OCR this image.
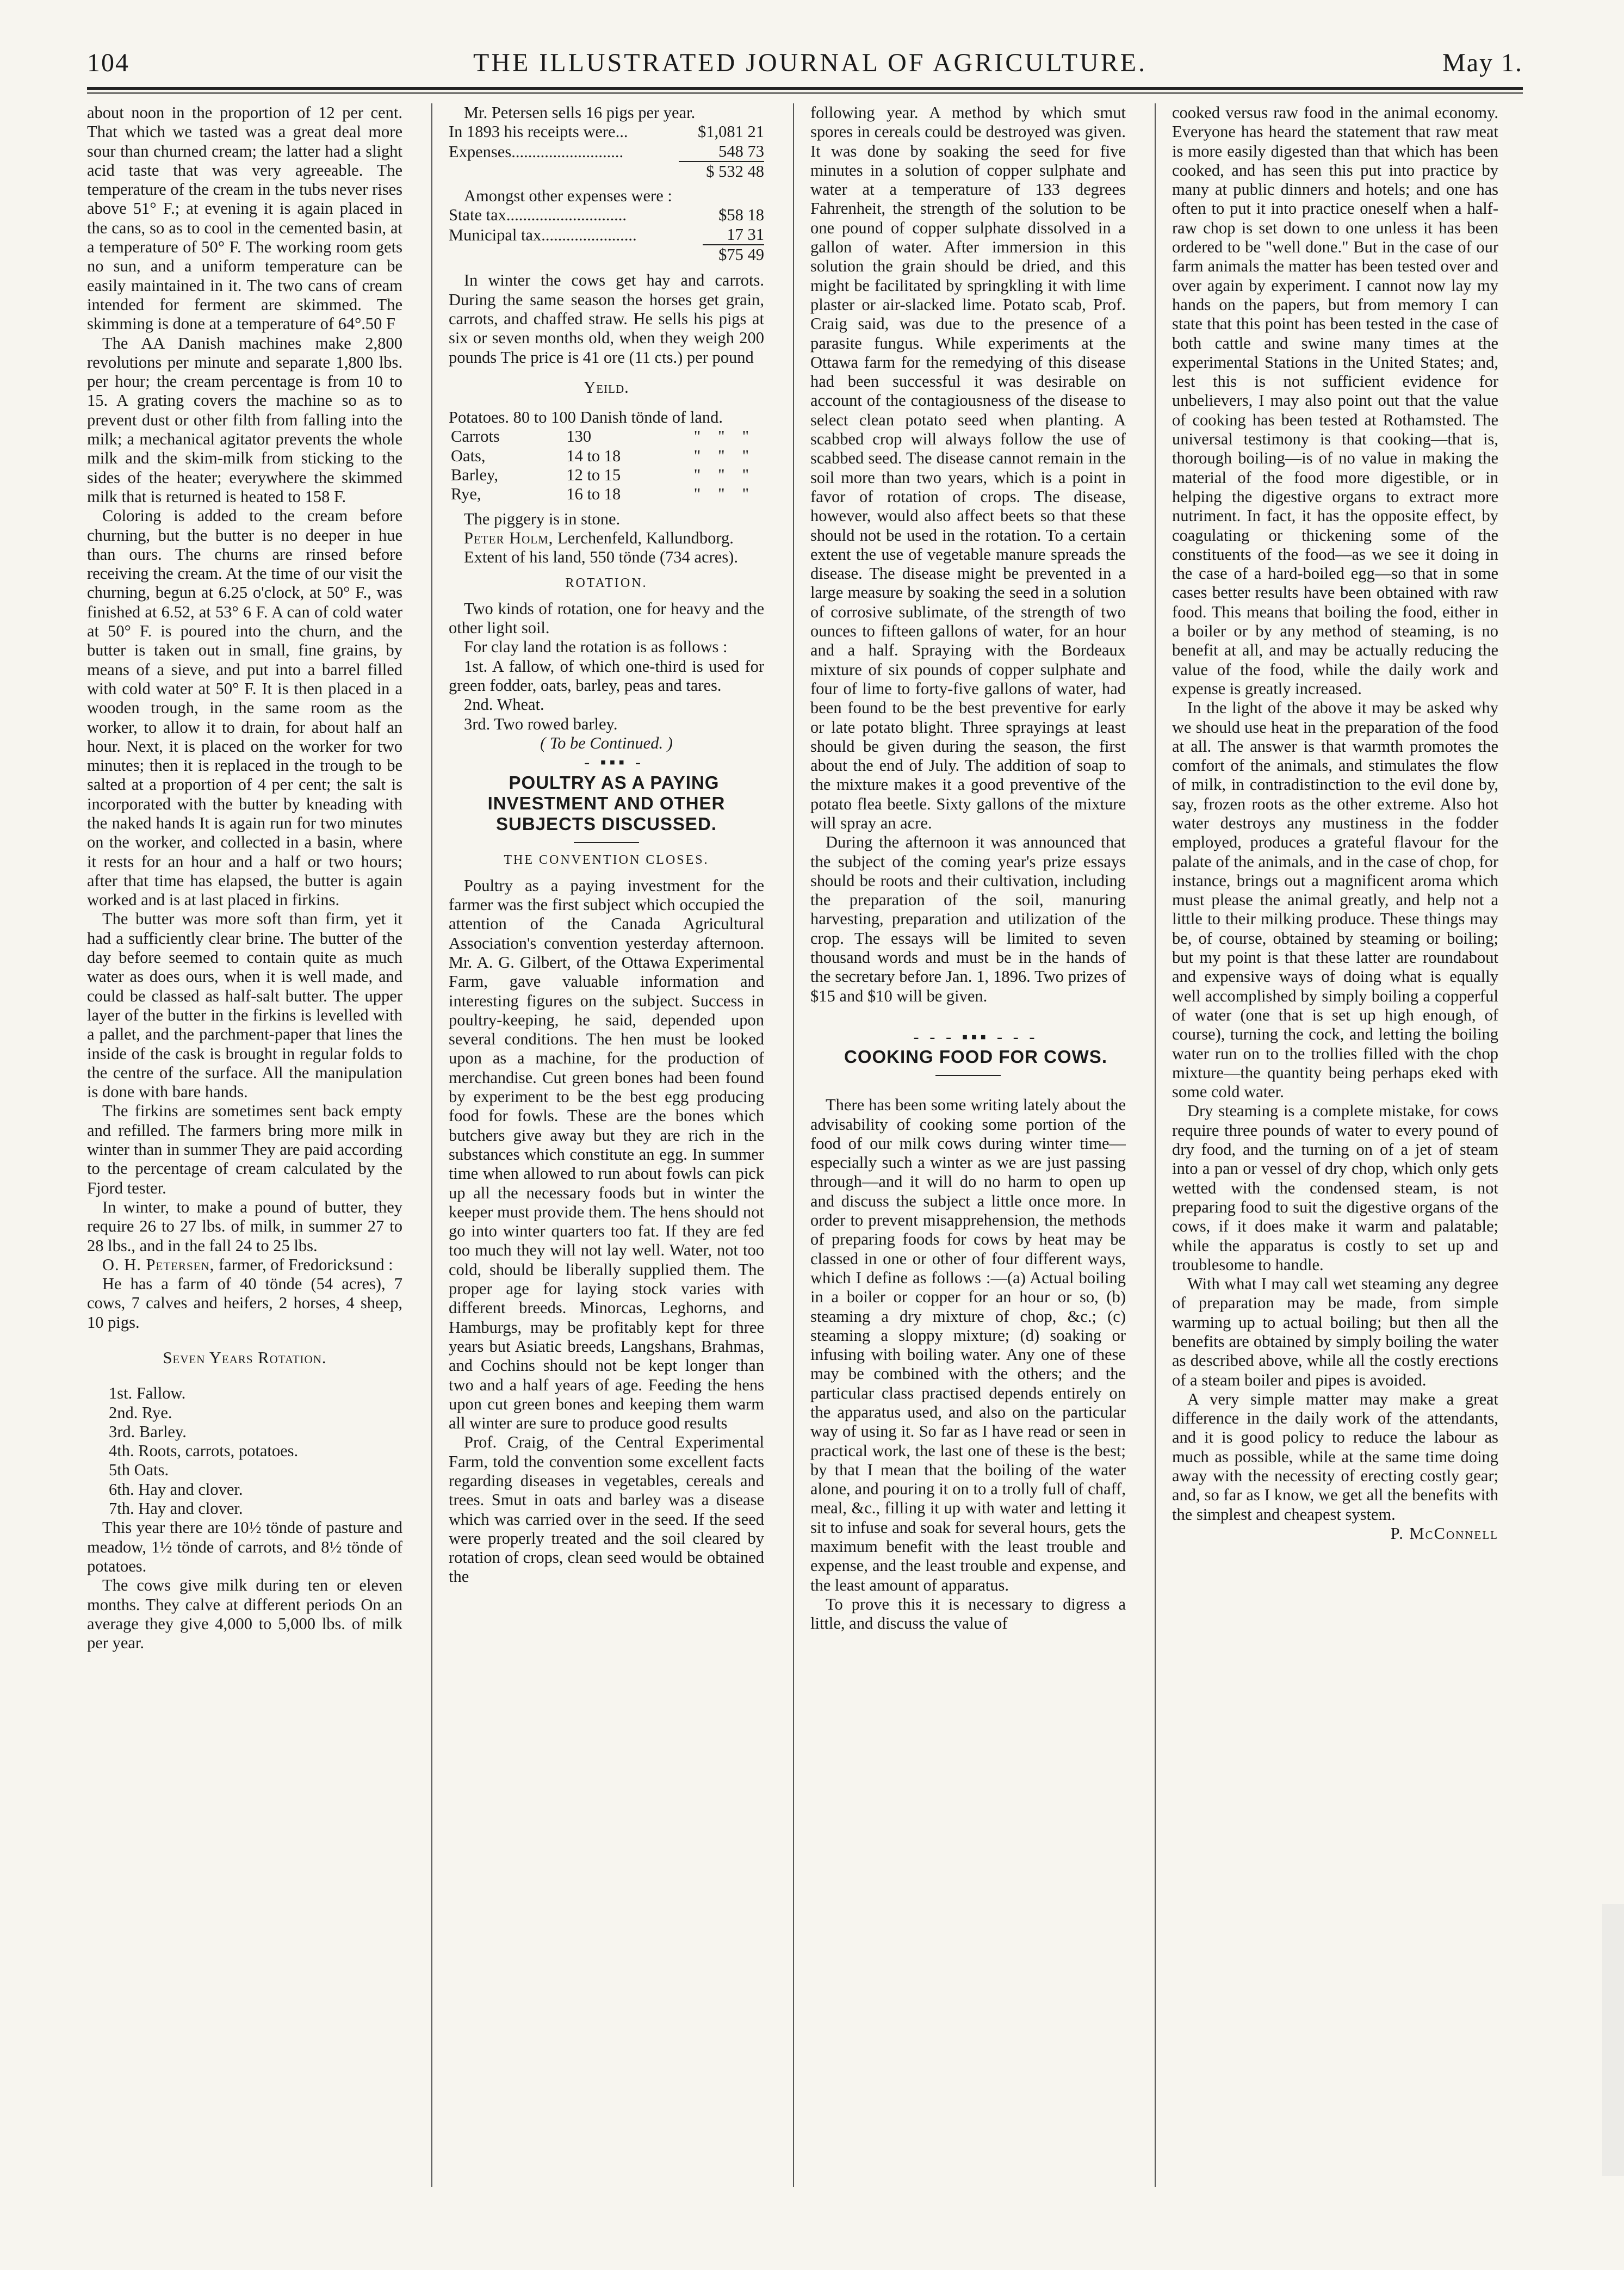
104	THE ILLUSTRATED JOURNAL OF AGRICULTURE.	May 1.

about noon in the proportion of 12 per cent. That which we tasted was a great deal more sour than churned cream; the latter had a slight acid taste that was very agreeable. The temperature of the cream in the tubs never rises above 51° F.; at evening it is again placed in the cans, so as to cool in the cemented basin, at a temperature of 50° F. The working room gets no sun, and a uniform temperature can be easily maintained in it. The two cans of cream intended for ferment are skimmed. The skimming is done at a temperature of 64°.50 F

The AA Danish machines make 2,800 revolutions per minute and separate 1,800 lbs. per hour; the cream percentage is from 10 to 15. A grating covers the machine so as to prevent dust or other filth from falling into the milk; a mechanical agitator prevents the whole milk and the skim-milk from sticking to the sides of the heater; everywhere the skimmed milk that is returned is heated to 158 F.

Coloring is added to the cream before churning, but the butter is no deeper in hue than ours. The churns are rinsed before receiving the cream. At the time of our visit the churning, begun at 6.25 o'clock, at 50° F., was finished at 6.52, at 53° 6 F. A can of cold water at 50° F. is poured into the churn, and the butter is taken out in small, fine grains, by means of a sieve, and put into a barrel filled with cold water at 50° F. It is then placed in a wooden trough, in the same room as the worker, to allow it to drain, for about half an hour. Next, it is placed on the worker for two minutes; then it is replaced in the trough to be salted at a proportion of 4 per cent; the salt is incorporated with the butter by kneading with the naked hands It is again run for two minutes on the worker, and collected in a basin, where it rests for an hour and a half or two hours; after that time has elapsed, the butter is again worked and is at last placed in firkins.

The butter was more soft than firm, yet it had a sufficiently clear brine. The butter of the day before seemed to contain quite as much water as does ours, when it is well made, and could be classed as half-salt butter. The upper layer of the butter in the firkins is levelled with a pallet, and the parchment-paper that lines the inside of the cask is brought in regular folds to the centre of the surface. All the manipulation is done with bare hands.

The firkins are sometimes sent back empty and refilled. The farmers bring more milk in winter than in summer They are paid according to the percentage of cream calculated by the Fjord tester.

In winter, to make a pound of butter, they require 26 to 27 lbs. of milk, in summer 27 to 28 lbs., and in the fall 24 to 25 lbs.

O. H. Petersen, farmer, of Fredoricksund :

He has a farm of 40 tönde (54 acres), 7 cows, 7 calves and heifers, 2 horses, 4 sheep, 10 pigs.

Seven Years Rotation.

1st. Fallow.

2nd. Rye.

3rd. Barley.

4th. Roots, carrots, potatoes.

5th Oats.

6th. Hay and clover.

7th. Hay and clover.

This year there are 10½ tönde of pasture and meadow, 1½ tönde of carrots, and 8½ tönde of potatoes.

The cows give milk during ten or eleven months. They calve at different periods On an average they give 4,000 to 5,000 lbs. of milk per year.

Mr. Petersen sells 16 pigs per year.

In 1893 his receipts were...	$1,081 21
Expenses...........................	548 73
	$ 532 48

Amongst other expenses were :

State tax.............................	$58 18
Municipal tax.......................	17 31
	$75 49

In winter the cows get hay and carrots. During the same season the horses get grain, carrots, and chaffed straw. He sells his pigs at six or seven months old, when they weigh 200 pounds The price is 41 ore (11 cts.) per pound

Yeild.

Potatoes. 80 to 100 Danish tönde of land.

Carrots	130	"	"	"
Oats,	14 to 18	"	"	"
Barley,	12 to 15	"	"	"
Rye,	16 to 18	"	"	"

The piggery is in stone.

Peter Holm, Lerchenfeld, Kallundborg.

Extent of his land, 550 tönde (734 acres).

ROTATION.

Two kinds of rotation, one for heavy and the other light soil.

For clay land the rotation is as follows :

1st. A fallow, of which one-third is used for green fodder, oats, barley, peas and tares.

2nd. Wheat.

3rd. Two rowed barley.

( To be Continued. )

- ▪▪▪ -

POULTRY AS A PAYING INVESTMENT AND OTHER SUBJECTS DISCUSSED.

THE CONVENTION CLOSES.

Poultry as a paying investment for the farmer was the first subject which occupied the attention of the Canada Agricultural Association's convention yesterday afternoon. Mr. A. G. Gilbert, of the Ottawa Experimental Farm, gave valuable information and interesting figures on the subject. Success in poultry-keeping, he said, depended upon several conditions. The hen must be looked upon as a machine, for the production of merchandise. Cut green bones had been found by experiment to be the best egg producing food for fowls. These are the bones which butchers give away but they are rich in the substances which constitute an egg. In summer time when allowed to run about fowls can pick up all the necessary foods but in winter the keeper must provide them. The hens should not go into winter quarters too fat. If they are fed too much they will not lay well. Water, not too cold, should be liberally supplied them. The proper age for laying stock varies with different breeds. Minorcas, Leghorns, and Hamburgs, may be profitably kept for three years but Asiatic breeds, Langshans, Brahmas, and Cochins should not be kept longer than two and a half years of age. Feeding the hens upon cut green bones and keeping them warm all winter are sure to produce good results

Prof. Craig, of the Central Experimental Farm, told the convention some excellent facts regarding diseases in vegetables, cereals and trees. Smut in oats and barley was a disease which was carried over in the seed. If the seed were properly treated and the soil cleared by rotation of crops, clean seed would be obtained the

following year. A method by which smut spores in cereals could be destroyed was given. It was done by soaking the seed for five minutes in a solution of copper sulphate and water at a temperature of 133 degrees Fahrenheit, the strength of the solution to be one pound of copper sulphate dissolved in a gallon of water. After immersion in this solution the grain should be dried, and this might be facilitated by springkling it with lime plaster or air-slacked lime. Potato scab, Prof. Craig said, was due to the presence of a parasite fungus. While experiments at the Ottawa farm for the remedying of this disease had been successful it was desirable on account of the contagiousness of the disease to select clean potato seed when planting. A scabbed crop will always follow the use of scabbed seed. The disease cannot remain in the soil more than two years, which is a point in favor of rotation of crops. The disease, however, would also affect beets so that these should not be used in the rotation. To a certain extent the use of vegetable manure spreads the disease. The disease might be prevented in a large measure by soaking the seed in a solution of corrosive sublimate, of the strength of two ounces to fifteen gallons of water, for an hour and a half. Spraying with the Bordeaux mixture of six pounds of copper sulphate and four of lime to forty-five gallons of water, had been found to be the best preventive for early or late potato blight. Three sprayings at least should be given during the season, the first about the end of July. The addition of soap to the mixture makes it a good preventive of the potato flea beetle. Sixty gallons of the mixture will spray an acre.

During the afternoon it was announced that the subject of the coming year's prize essays should be roots and their cultivation, including the preparation of the soil, manuring harvesting, preparation and utilization of the crop. The essays will be limited to seven thousand words and must be in the hands of the secretary before Jan. 1, 1896. Two prizes of $15 and $10 will be given.

- - - ▪▪▪ - - -

COOKING FOOD FOR COWS.

There has been some writing lately about the advisability of cooking some portion of the food of our milk cows during winter time—especially such a winter as we are just passing through—and it will do no harm to open up and discuss the subject a little once more. In order to prevent misapprehension, the methods of preparing foods for cows by heat may be classed in one or other of four different ways, which I define as follows :—(a) Actual boiling in a boiler or copper for an hour or so, (b) steaming a dry mixture of chop, &c.; (c) steaming a sloppy mixture; (d) soaking or infusing with boiling water. Any one of these may be combined with the others; and the particular class practised depends entirely on the apparatus used, and also on the particular way of using it. So far as I have read or seen in practical work, the last one of these is the best; by that I mean that the boiling of the water alone, and pouring it on to a trolly full of chaff, meal, &c., filling it up with water and letting it sit to infuse and soak for several hours, gets the maximum benefit with the least trouble and expense, and the least trouble and expense, and the least amount of apparatus.

To prove this it is necessary to digress a little, and discuss the value of

cooked versus raw food in the animal economy. Everyone has heard the statement that raw meat is more easily digested than that which has been cooked, and has seen this put into practice by many at public dinners and hotels; and one has often to put it into practice oneself when a half-raw chop is set down to one unless it has been ordered to be "well done." But in the case of our farm animals the matter has been tested over and over again by experiment. I cannot now lay my hands on the papers, but from memory I can state that this point has been tested in the case of both cattle and swine many times at the experimental Stations in the United States; and, lest this is not sufficient evidence for unbelievers, I may also point out that the value of cooking has been tested at Rothamsted. The universal testimony is that cooking—that is, thorough boiling—is of no value in making the material of the food more digestible, or in helping the digestive organs to extract more nutriment. In fact, it has the opposite effect, by coagulating or thickening some of the constituents of the food—as we see it doing in the case of a hard-boiled egg—so that in some cases better results have been obtained with raw food. This means that boiling the food, either in a boiler or by any method of steaming, is no benefit at all, and may be actually reducing the value of the food, while the daily work and expense is greatly increased.

In the light of the above it may be asked why we should use heat in the preparation of the food at all. The answer is that warmth promotes the comfort of the animals, and stimulates the flow of milk, in contradistinction to the evil done by, say, frozen roots as the other extreme. Also hot water destroys any mustiness in the fodder employed, produces a grateful flavour for the palate of the animals, and in the case of chop, for instance, brings out a magnificent aroma which must please the animal greatly, and help not a little to their milking produce. These things may be, of course, obtained by steaming or boiling; but my point is that these latter are roundabout and expensive ways of doing what is equally well accomplished by simply boiling a copperful of water (one that is set up high enough, of course), turning the cock, and letting the boiling water run on to the trollies filled with the chop mixture—the quantity being perhaps eked with some cold water.

Dry steaming is a complete mistake, for cows require three pounds of water to every pound of dry food, and the turning on of a jet of steam into a pan or vessel of dry chop, which only gets wetted with the condensed steam, is not preparing food to suit the digestive organs of the cows, if it does make it warm and palatable; while the apparatus is costly to set up and troublesome to handle.

With what I may call wet steaming any degree of preparation may be made, from simple warming up to actual boiling; but then all the benefits are obtained by simply boiling the water as described above, while all the costly erections of a steam boiler and pipes is avoided.

A very simple matter may make a great difference in the daily work of the attendants, and it is good policy to reduce the labour as much as possible, while at the same time doing away with the necessity of erecting costly gear; and, so far as I know, we get all the benefits with the simplest and cheapest system.

P. McConnell
